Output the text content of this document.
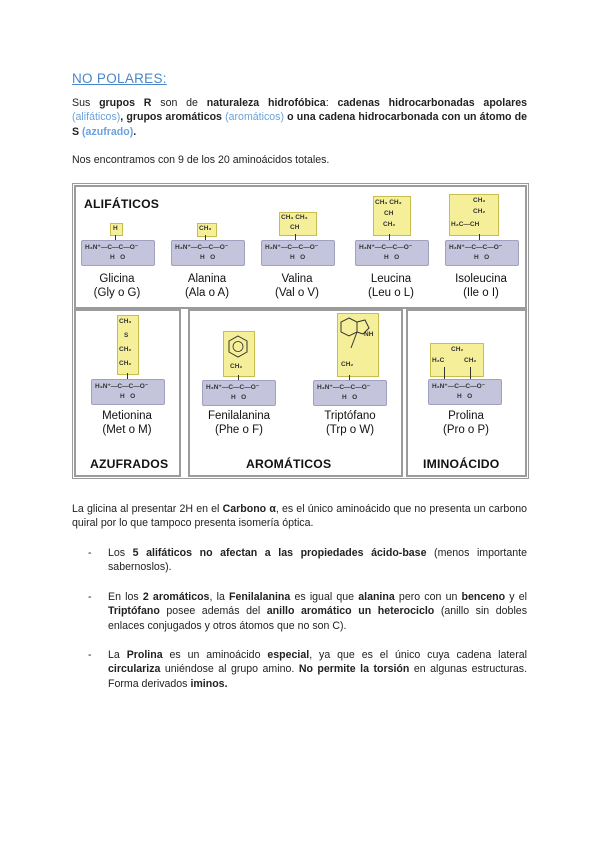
NO POLARES:
Sus grupos R son de naturaleza hidrofóbica: cadenas hidrocarbonadas apolares (alifáticos), grupos aromáticos (aromáticos) o una cadena hidrocarbonada con un átomo de S (azufrado).
Nos encontramos con 9 de los 20 aminoácidos totales.
ALIFÁTICOS
AZUFRADOS	AROMÁTICOS	IMINOÁCIDO
H
H₃N⁺—C—C—O⁻
H   O
Glicina
(Gly o G)
CH₃
H₃N⁺—C—C—O⁻
H   O
Alanina
(Ala o A)
CH₃ CH₃
CH
H₃N⁺—C—C—O⁻
H   O
Valina
(Val o V)
CH₃ CH₃
CH
CH₂
H₃N⁺—C—C—O⁻
H   O
Leucina
(Leu o L)
CH₃
CH₂
H₃C—CH
H₃N⁺—C—C—O⁻
H   O
Isoleucina
(Ile o I)
CH₃
S
CH₂
CH₂
H₃N⁺—C—C—O⁻
H   O
Metionina
(Met o M)
CH₂
H₃N⁺—C—C—O⁻
H   O
Fenilalanina
(Phe o F)
NH
CH₂
H₃N⁺—C—C—O⁻
H   O
Triptófano
(Trp o W)
CH₂
H₂C	CH₂
H₂N⁺—C—C—O⁻
H   O
Prolina
(Pro o P)
La glicina al presentar 2H en el Carbono α, es el único aminoácido que no presenta un carbono quiral por lo que tampoco presenta isomería óptica.
-	Los 5 alifáticos no afectan a las propiedades ácido-base (menos importante sabernoslos).
-	En los 2 aromáticos, la Fenilalanina es igual que alanina pero con un benceno y el Triptófano posee además del anillo aromático un heterociclo (anillo sin dobles enlaces conjugados y otros átomos que no son C).
-	La Prolina es un aminoácido especial, ya que es el único cuya cadena lateral circulariza uniéndose al grupo amino. No permite la torsión en algunas estructuras. Forma derivados iminos.
